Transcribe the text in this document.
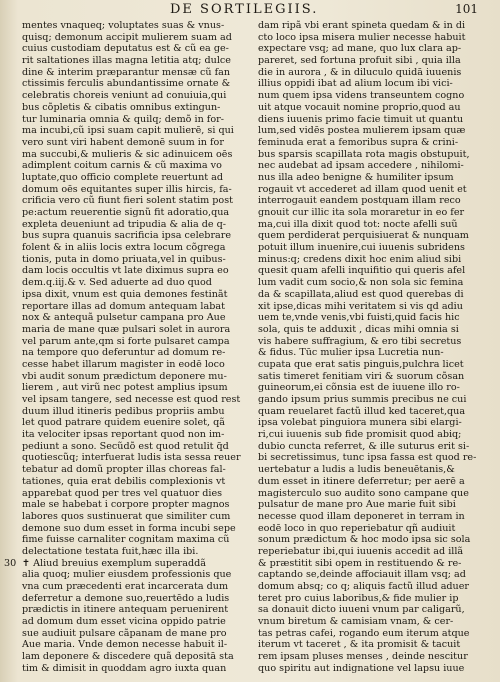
DE SORTILEGIIS.	101
mentes vnaqueq; voluptates suas & vnus-
quisq; demonum accipit mulierem suam ad
cuius custodiam deputatus est & cũ ea ge-
rit saltationes illas magna letitia atq; dulce
dine & interim præparantur mensæ cũ fan
ctissimis ferculis abundantissime ornate &
celebratis choreis veniunt ad conuiuia,qui
bus cõpletis & cibatis omnibus extingun-
tur luminaria omnia & quilq; demõ in for-
ma incubi,cũ ipsi suam capit mulierē, si qui
vero sunt viri habent demonē suum in for
ma succubi,& mulieris & sic adinuicem oēs
adimplent coitum carnis & cũ maxima vo
luptate,quo officio complete reuertunt ad
domum oēs equitantes super illis hircis, fa-
crificia vero cũ fiunt fieri solent statim post
pe:actum reuerentie signũ fit adoratio,qua
expleta deueniunt ad tripudia & alia de q-
bus supra quanuis sacrificia ipsa celebrare
folent & in aliis locis extra locum cõgrega
tionis, puta in domo priuata,vel in quibus-
dam locis occultis vt late diximus supra eo
dem.q.iij.& v. Sed aduerte ad duo quod
ipsa dixit, vnum est quia demones festinãt
reportare illas ad domum antequam labat
nox & antequã pulsetur campana pro Aue
maria de mane quæ pulsari solet in aurora
vel parum ante,qm si forte pulsaret campa
na tempore quo deferuntur ad domum re-
cesse habet illarum magister in eodē loco
vbi audit sonum prædictum deponere mu-
lierem , aut virũ nec potest amplius ipsum
vel ipsam tangere, sed necesse est quod rest
duum illud itineris pedibus propriis ambu
let quod patrare quidem euenire solet, qã
ita velociter ipsas reportant quod non im-
pediunt a sono. Secũdõ est quod retulit q̃d
quotiescũq; interfuerat ludis ista sessa reuer
tebatur ad domũ propter illas choreas fal-
tationes, quia erat debilis complexionis vt
apparebat quod per tres vel quatuor dies
male se habebat i corpore propter magnos
labores quos sustinuerat que similiter cum
demone suo dum esset in forma incubi sepe
fime fuisse carnaliter cognitam maxima cũ
delectatione testata fuit,hæc illa ibi.
30 ✝ Aliud breuius exemplum superaddã
alia quoq; mulier eiusdem professionis que
vna cum præcedenti erat incarcerata dum
deferretur a demone suo,reuertēdo a ludis
prædictis in itinere antequam peruenirent
ad domum dum esset vicina oppido patrie
sue audiuit pulsare cãpanam de mane pro
Aue maria. Vnde demon necesse habuit il-
lam deponere & discedere quã depositā sta
tim & dimisit in quoddam agro iuxta quan
dam ripã vbi erant spineta quedam & in di
cto loco ipsa misera mulier necesse habuit
expectare vsq; ad mane, quo lux clara ap-
pareret, sed fortuna profuit sibi , quia illa
die in aurora , & in diluculo quidā iuuenis
illius oppidi ibat ad alium locum ibi vici-
num quem ipsa videns transeuntem cogno
uit atque vocauit nomine proprio,quod au
diens iuuenis primo facie timuit ut quantu
lum,sed vidēs postea mulierem ipsam quæ
feminuda erat a femoribus supra & crini-
bus sparsis scapillata rota magis obstupuit,
nec audebat ad ipsam accedere , nihilomi-
nus illa adeo benigne & humiliter ipsum
rogauit vt accederet ad illam quod uenit et
interrogauit eandem postquam illam reco
gnouit cur illic ita sola moraretur in eo fer
ma,cui illa dixit quod tot: nocte afelli suũ
quem perdiderat perquisiuerat & nunquam
potuit illum inuenire,cui iuuenis subridens
minus:q; credens dixit hoc enim aliud sibi
quesit quam afelli inquifitio qui queris afel
lum vadit cum socio,& non sola sic femina
da & scapillata,aliud est quod querebas di
xit ipse,dicas mihi veritatem si vis qd adiu
uem te,vnde venis,vbi fuisti,quid facis hic
sola, quis te adduxit , dicas mihi omnia si
vis habere suffragium, & ero tibi secretus
& fidus. Tūc mulier ipsa Lucretia nun-
cupata que erat satis pinguis,pulchra licet
satis timeret fenitiam viri & suorum cõsan
guineorum,ei cõnsia est de iuuene illo ro-
gando ipsum prius summis precibus ne cui
quam reuelaret factũ illud ked taceret,qua
ipsa volebat pinguiora munera sibi elargi-
ri,cui iuuenis sub fide promisit quod abiq;
dubio cuncta referret, & ille suturus erit si-
bi secretissimus, tunc ipsa fassa est quod re-
uertebatur a ludis a ludis beneuētanis,&
dum esset in itinere deferretur; per aerē a
magisterculo suo audito sono campane que
pulsatur de mane pro Aue marie fuit sibi
necesse quod illam deponeret in terram in
eodē loco in quo reperiebatur qñ audiuit
sonum prædictum & hoc modo ipsa sic sola
reperiebatur ibi,qui iuuenis accedit ad illã
& præstitit sibi opem in restituendo & re-
captando se,deinde affociauit illam vsq; ad
domum absq; co q; aliquis factũ illud aduer
teret pro cuius laboribus,& fide mulier ip
sa donauit dicto iuueni vnum par caligarũ,
vnum biretum & camisiam vnam, & cer-
tas petras cafei, rogando eum iterum atque
iterum vt taceret , & ita promisit & tacuit
rem ipsam pluses menses , deinde nescitur
quo spiritu aut indignatione vel lapsu iuue
